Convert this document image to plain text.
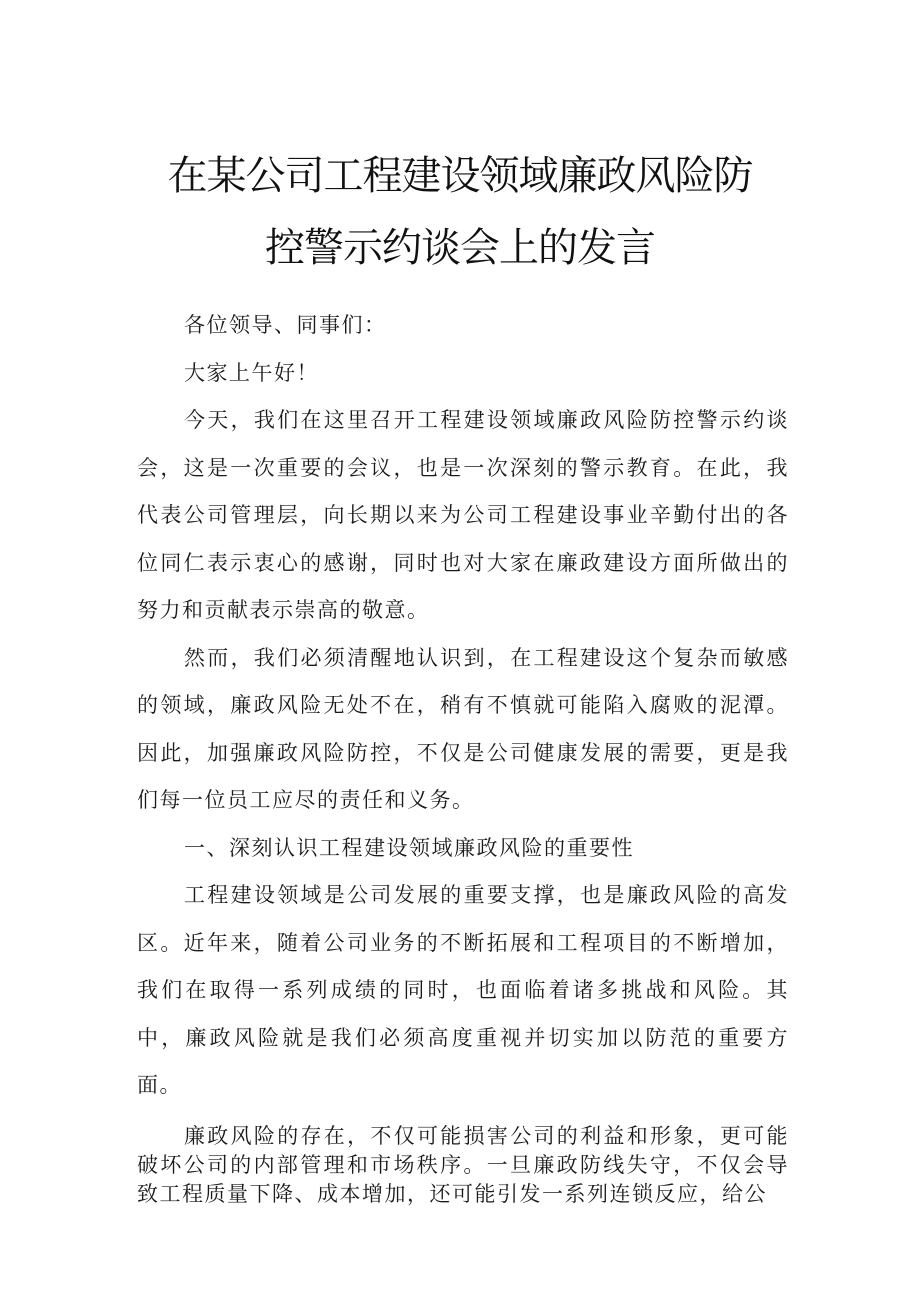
在某公司工程建设领域廉政风险防
控警示约谈会上的发言

各位领导、同事们：

大家上午好！

今天，我们在这里召开工程建设领域廉政风险防控警示约谈会，这是一次重要的会议，也是一次深刻的警示教育。在此，我代表公司管理层，向长期以来为公司工程建设事业辛勤付出的各位同仁表示衷心的感谢，同时也对大家在廉政建设方面所做出的努力和贡献表示崇高的敬意。

然而，我们必须清醒地认识到，在工程建设这个复杂而敏感的领域，廉政风险无处不在，稍有不慎就可能陷入腐败的泥潭。因此，加强廉政风险防控，不仅是公司健康发展的需要，更是我们每一位员工应尽的责任和义务。

一、深刻认识工程建设领域廉政风险的重要性

工程建设领域是公司发展的重要支撑，也是廉政风险的高发区。近年来，随着公司业务的不断拓展和工程项目的不断增加，我们在取得一系列成绩的同时，也面临着诸多挑战和风险。其中，廉政风险就是我们必须高度重视并切实加以防范的重要方面。

廉政风险的存在，不仅可能损害公司的利益和形象，更可能破坏公司的内部管理和市场秩序。一旦廉政防线失守，不仅会导致工程质量下降、成本增加，还可能引发一系列连锁反应，给公
